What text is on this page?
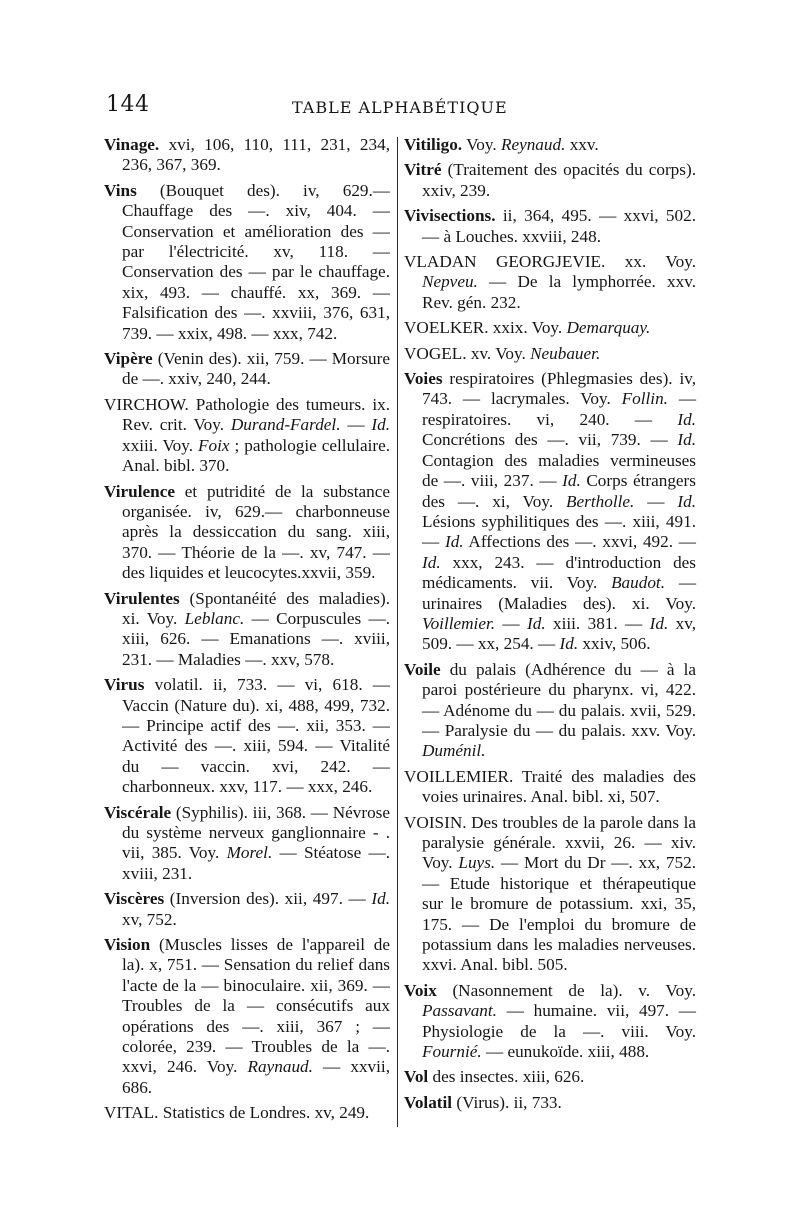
144	TABLE ALPHABÉTIQUE

Vinage. xvi, 106, 110, 111, 231, 234, 236, 367, 369.

Vins (Bouquet des). iv, 629.— Chauffage des —. xiv, 404. — Conservation et amélioration des — par l'électricité. xv, 118. — Conservation des — par le chauffage. xix, 493. — chauffé. xx, 369. — Falsification des —. xxviii, 376, 631, 739. — xxix, 498. — xxx, 742.

Vipère (Venin des). xii, 759. — Morsure de —. xxiv, 240, 244.

VIRCHOW. Pathologie des tumeurs. ix. Rev. crit. Voy. Durand-Fardel. — Id. xxiii. Voy. Foix ; pathologie cellulaire. Anal. bibl. 370.

Virulence et putridité de la substance organisée. iv, 629.— charbonneuse après la dessiccation du sang. xiii, 370. — Théorie de la —. xv, 747. — des liquides et leucocytes.xxvii, 359.

Virulentes (Spontanéité des maladies). xi. Voy. Leblanc. — Corpuscules —. xiii, 626. — Emanations —. xviii, 231. — Maladies —. xxv, 578.

Virus volatil. ii, 733. — vi, 618. — Vaccin (Nature du). xi, 488, 499, 732. — Principe actif des —. xii, 353. — Activité des —. xiii, 594. — Vitalité du — vaccin. xvi, 242. — charbonneux. xxv, 117. — xxx, 246.

Viscérale (Syphilis). iii, 368. — Névrose du système nerveux ganglionnaire - . vii, 385. Voy. Morel. — Stéatose —. xviii, 231.

Viscères (Inversion des). xii, 497. — Id. xv, 752.

Vision (Muscles lisses de l'appareil de la). x, 751. — Sensation du relief dans l'acte de la — binoculaire. xii, 369. — Troubles de la — consécutifs aux opérations des —. xiii, 367 ; — colorée, 239. — Troubles de la —. xxvi, 246. Voy. Raynaud. — xxvii, 686.

VITAL. Statistics de Londres. xv, 249.

Vitiligo. Voy. Reynaud. xxv.

Vitré (Traitement des opacités du corps). xxiv, 239.

Vivisections. ii, 364, 495. — xxvi, 502. — à Louches. xxviii, 248.

VLADAN GEORGJEVIE. xx. Voy. Nepveu. — De la lymphorrée. xxv. Rev. gén. 232.

VOELKER. xxix. Voy. Demarquay.

VOGEL. xv. Voy. Neubauer.

Voies respiratoires (Phlegmasies des). iv, 743. — lacrymales. Voy. Follin. — respiratoires. vi, 240. — Id. Concrétions des —. vii, 739. — Id. Contagion des maladies vermineuses de —. viii, 237. — Id. Corps étrangers des —. xi, Voy. Bertholle. — Id. Lésions syphilitiques des —. xiii, 491. — Id. Affections des —. xxvi, 492. — Id. xxx, 243. — d'introduction des médicaments. vii. Voy. Baudot. — urinaires (Maladies des). xi. Voy. Voillemier. — Id. xiii. 381. — Id. xv, 509. — xx, 254. — Id. xxiv, 506.

Voile du palais (Adhérence du — à la paroi postérieure du pharynx. vi, 422. — Adénome du — du palais. xvii, 529. — Paralysie du — du palais. xxv. Voy. Duménil.

VOILLEMIER. Traité des maladies des voies urinaires. Anal. bibl. xi, 507.

VOISIN. Des troubles de la parole dans la paralysie générale. xxvii, 26. — xiv. Voy. Luys. — Mort du Dr —. xx, 752. — Etude historique et thérapeutique sur le bromure de potassium. xxi, 35, 175. — De l'emploi du bromure de potassium dans les maladies nerveuses. xxvi. Anal. bibl. 505.

Voix (Nasonnement de la). v. Voy. Passavant. — humaine. vii, 497. — Physiologie de la —. viii. Voy. Fournié. — eunukoïde. xiii, 488.

Vol des insectes. xiii, 626.

Volatil (Virus). ii, 733.
